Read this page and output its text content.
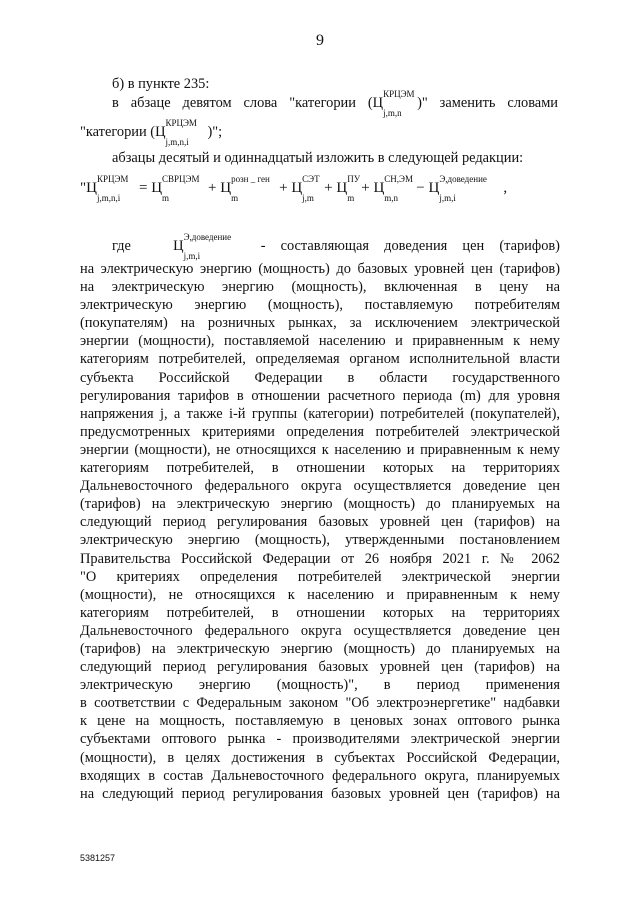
9
б) в пункте 235:
в абзаце девятом слова "категории (Ц
КРЦЭМ
j,m,n
)" заменить словами
"категории (Ц
КРЦЭМ
j,m,n,i
)";
абзацы десятый и одиннадцатый изложить в следующей редакции:
"Ц
КРЦЭМ
j,m,n,i
= Ц
СВРЦЭМ
m
+ Ц
розн _ ген
m
+ Ц
СЭТ
j,m
+ Ц
ПУ
m
+ Ц
СН,ЭМ
m,n
− Ц
Э,доведение
j,m,i
,
где	Ц
Э,доведение
j,m,i
- составляющая доведения цен (тарифов)
на электрическую энергию (мощность) до базовых уровней цен (тарифов)
на электрическую энергию (мощность), включенная в цену на
электрическую энергию (мощность), поставляемую потребителям
(покупателям) на розничных рынках, за исключением электрической
энергии (мощности), поставляемой населению и приравненным к нему
категориям потребителей, определяемая органом исполнительной власти
субъекта Российской Федерации в области государственного
регулирования тарифов в отношении расчетного периода (m) для уровня
напряжения j, а также i-й группы (категории) потребителей (покупателей),
предусмотренных критериями определения потребителей электрической
энергии (мощности), не относящихся к населению и приравненным к нему
категориям потребителей, в отношении которых на территориях
Дальневосточного федерального округа осуществляется доведение цен
(тарифов) на электрическую энергию (мощность) до планируемых на
следующий период регулирования базовых уровней цен (тарифов) на
электрическую энергию (мощность), утвержденными постановлением
Правительства Российской Федерации от 26 ноября 2021 г. № 2062
"О критериях определения потребителей электрической энергии
(мощности), не относящихся к населению и приравненным к нему
категориям потребителей, в отношении которых на территориях
Дальневосточного федерального округа осуществляется доведение цен
(тарифов) на электрическую энергию (мощность) до планируемых на
следующий период регулирования базовых уровней цен (тарифов) на
электрическую энергию (мощность)", в период применения
в соответствии с Федеральным законом "Об электроэнергетике" надбавки
к цене на мощность, поставляемую в ценовых зонах оптового рынка
субъектами оптового рынка - производителями электрической энергии
(мощности), в целях достижения в субъектах Российской Федерации,
входящих в состав Дальневосточного федерального округа, планируемых
на следующий период регулирования базовых уровней цен (тарифов) на
5381257
